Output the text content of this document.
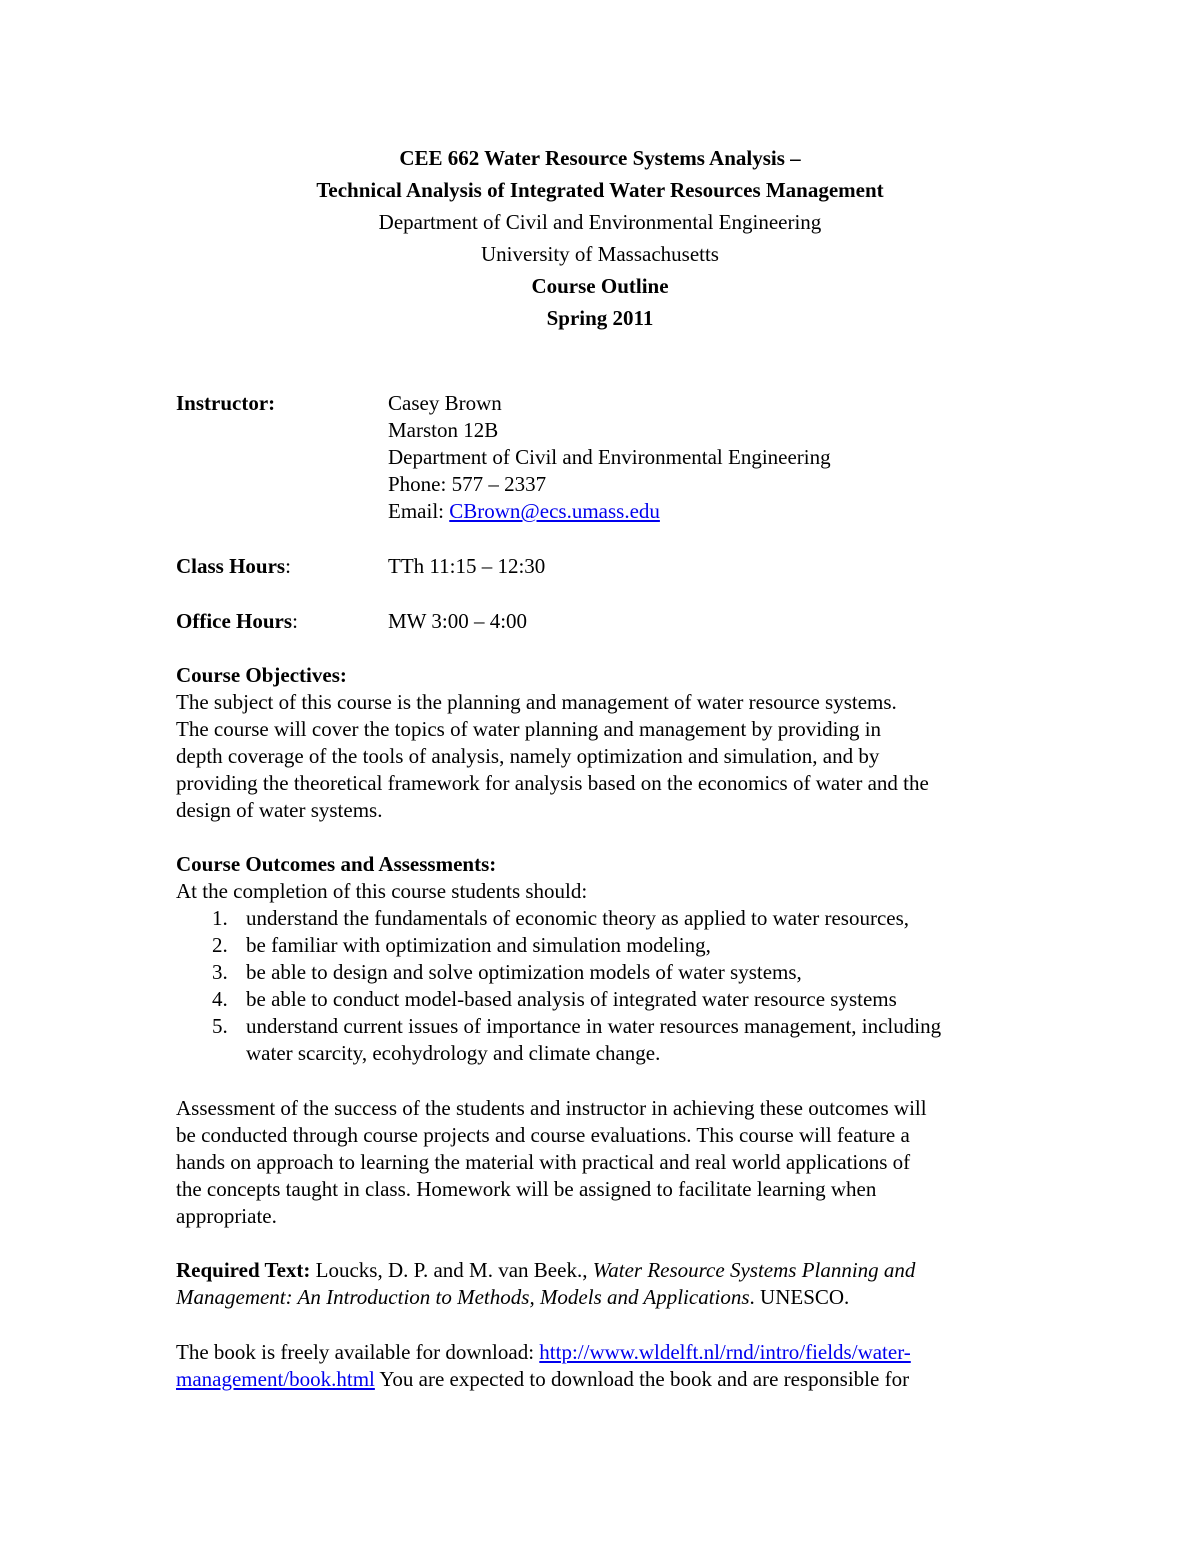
CEE 662 Water Resource Systems Analysis –
Technical Analysis of Integrated Water Resources Management
Department of Civil and Environmental Engineering
University of Massachusetts
Course Outline
Spring 2011
Instructor:	Casey Brown
Marston 12B
Department of Civil and Environmental Engineering
Phone: 577 – 2337
Email: CBrown@ecs.umass.edu
Class Hours:	TTh 11:15 – 12:30
Office Hours:	MW 3:00 – 4:00

Course Objectives:

The subject of this course is the planning and management of water resource systems.
The course will cover the topics of water planning and management by providing in
depth coverage of the tools of analysis, namely optimization and simulation, and by
providing the theoretical framework for analysis based on the economics of water and the
design of water systems.

Course Outcomes and Assessments:

At the completion of this course students should:

1. understand the fundamentals of economic theory as applied to water resources,
2. be familiar with optimization and simulation modeling,
3. be able to design and solve optimization models of water systems,
4. be able to conduct model-based analysis of integrated water resource systems
5. understand current issues of importance in water resources management, including water scarcity, ecohydrology and climate change.
Assessment of the success of the students and instructor in achieving these outcomes will
be conducted through course projects and course evaluations. This course will feature a
hands on approach to learning the material with practical and real world applications of
the concepts taught in class. Homework will be assigned to facilitate learning when
appropriate.
Required Text: Loucks, D. P. and M. van Beek., Water Resource Systems Planning and
Management: An Introduction to Methods, Models and Applications. UNESCO.
The book is freely available for download: http://www.wldelft.nl/rnd/intro/fields/water-
management/book.html You are expected to download the book and are responsible for
